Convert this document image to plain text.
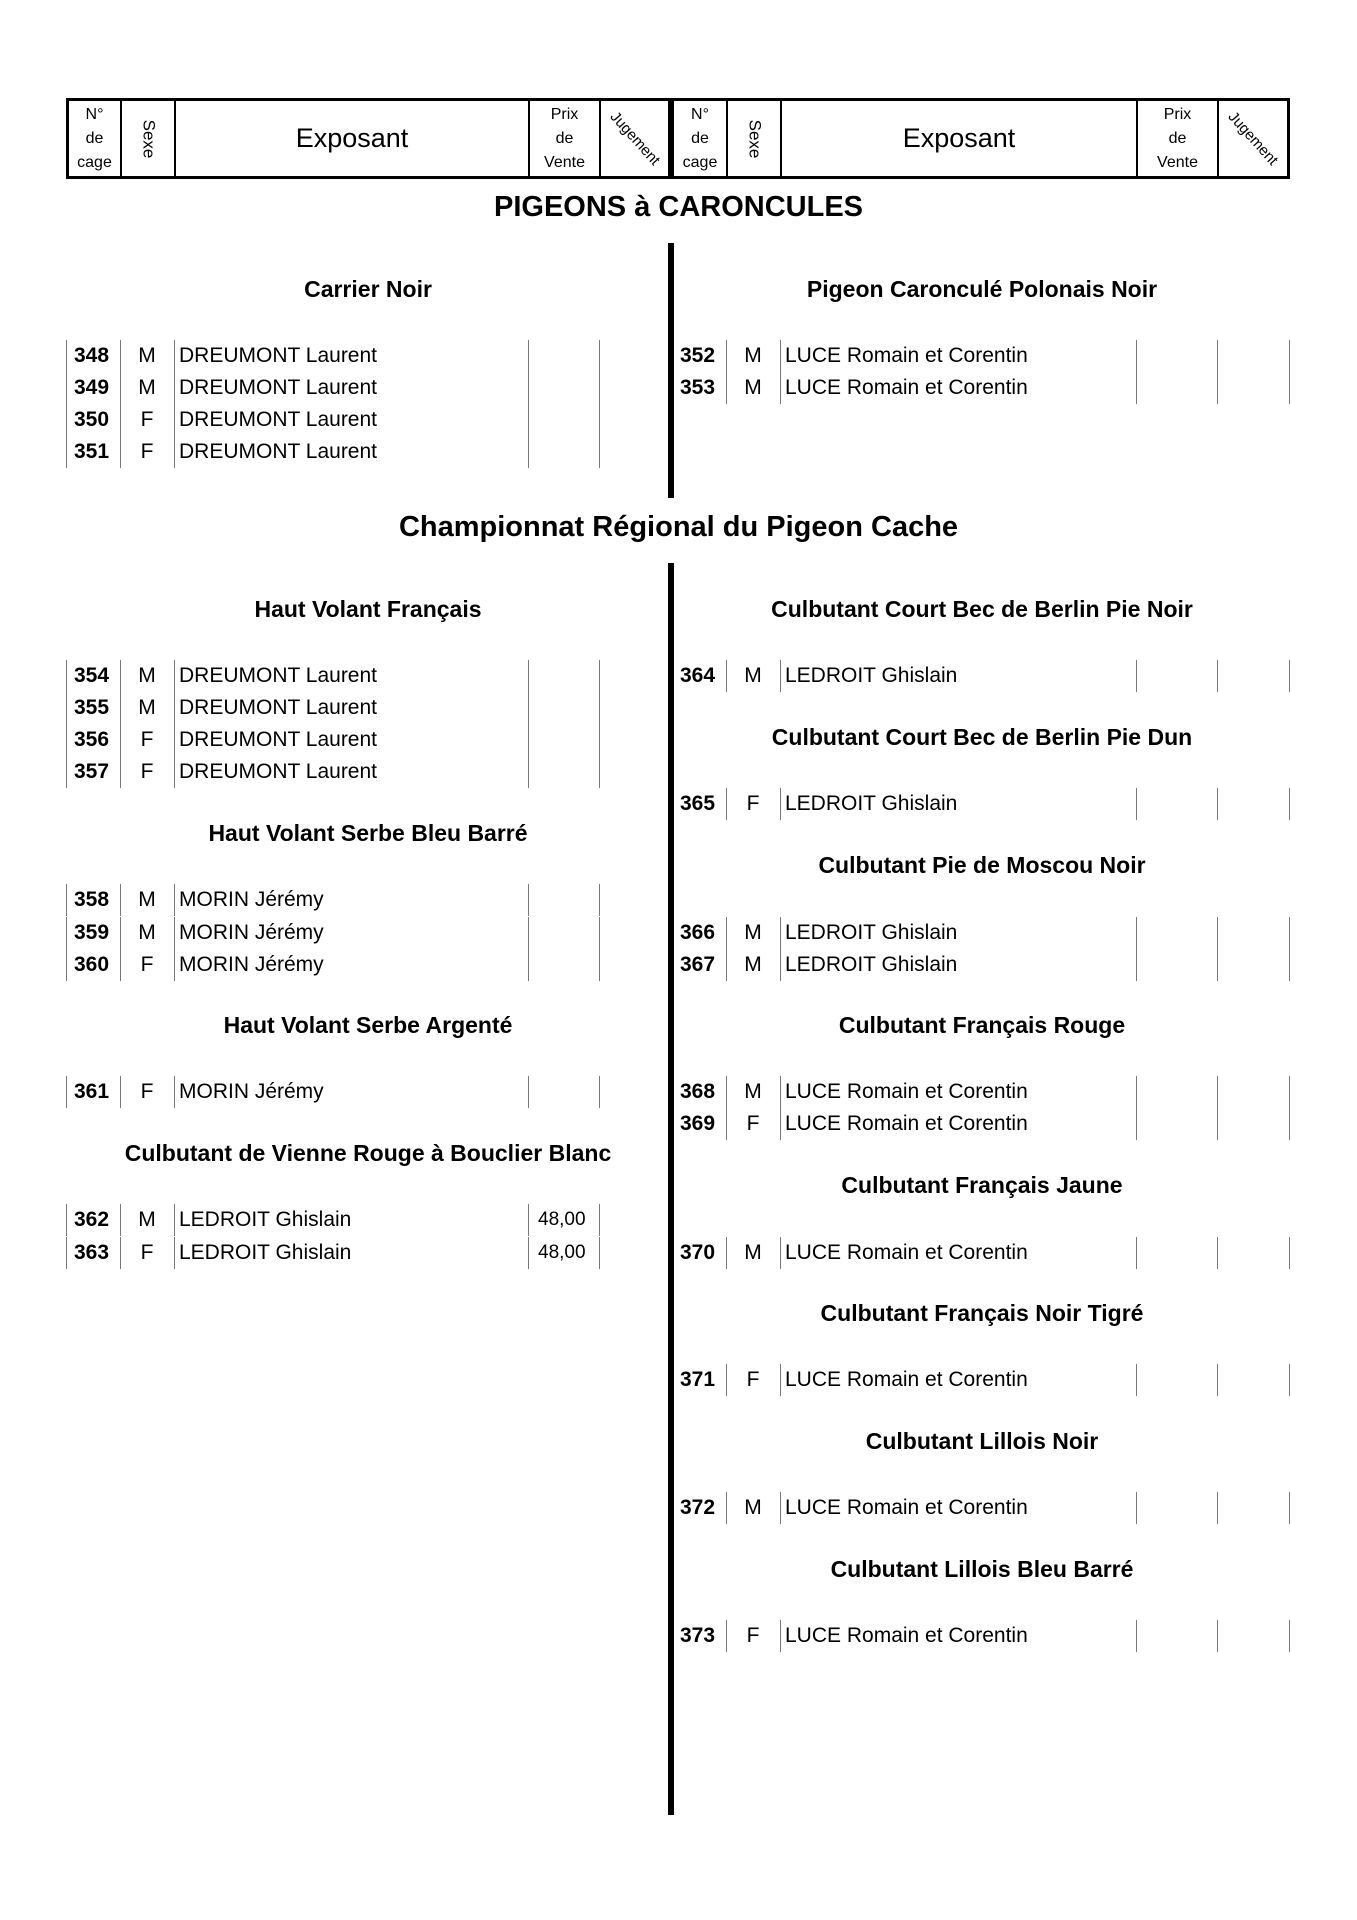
N°
de
cage
Sexe	Exposant
Prix
de
Vente	Jugement	N°
de
cage
Sexe	Exposant
Prix
de
Vente	Jugement
PIGEONS à CARONCULES
Carrier Noir	Pigeon Caronculé Polonais Noir
Championnat Régional du Pigeon Cache
Haut Volant Français	Culbutant Court Bec de Berlin Pie Noir
Culbutant Court Bec de Berlin Pie Dun
Haut Volant Serbe Bleu Barré
Culbutant Pie de Moscou Noir
Haut Volant Serbe Argenté	Culbutant Français Rouge
Culbutant de Vienne Rouge à Bouclier Blanc
Culbutant Français Jaune
Culbutant Français Noir Tigré
Culbutant Lillois Noir
Culbutant Lillois Bleu Barré
348 M DREUMONT Laurent
349 M DREUMONT Laurent
350	F	DREUMONT Laurent
351	F	DREUMONT Laurent
352 M LUCE Romain et Corentin
353 M LUCE Romain et Corentin
354 M DREUMONT Laurent
355 M DREUMONT Laurent
356	F	DREUMONT Laurent
357	F	DREUMONT Laurent
358 M MORIN Jérémy
359 M MORIN Jérémy
360	F	MORIN Jérémy
361	F	MORIN Jérémy
362 M LEDROIT Ghislain	48,00
363	F	LEDROIT Ghislain	48,00
364 M LEDROIT Ghislain
365	F	LEDROIT Ghislain
366 M LEDROIT Ghislain
367 M LEDROIT Ghislain
368 M LUCE Romain et Corentin
369	F	LUCE Romain et Corentin
370 M LUCE Romain et Corentin
371	F	LUCE Romain et Corentin
372 M LUCE Romain et Corentin
373	F	LUCE Romain et Corentin
